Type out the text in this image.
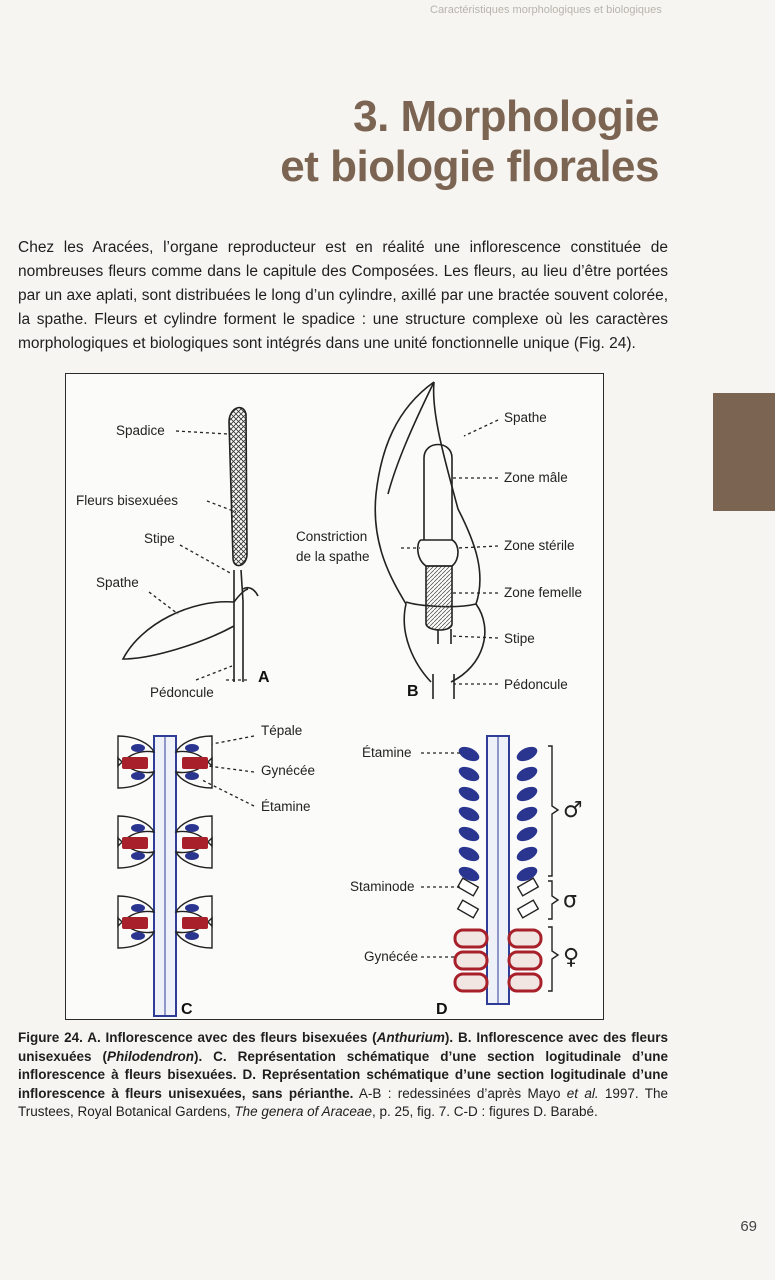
Caractéristiques morphologiques et biologiques
3. Morphologie
et biologie florales

Chez les Aracées, l’organe reproducteur est en réalité une inflorescence constituée de nombreuses fleurs comme dans le capitule des Composées. Les fleurs, au lieu d’être portées par un axe aplati, sont distribuées le long d’un cylindre, axillé par une bractée souvent colorée, la spathe. Fleurs et cylindre forment le spadice : une structure complexe où les caractères morphologiques et biologiques sont intégrés dans une unité fonctionnelle unique (Fig. 24).

Spadice
Fleurs bisexuées
Stipe
Spathe
Pédoncule
A
Spathe
Zone mâle
Constriction
de la spathe
Zone stérile
Zone femelle
Stipe
Pédoncule
B
Tépale
Gynécée
Étamine
C
Étamine
Staminode
Gynécée
♂
σ
♀
D

Figure 24. A. Inflorescence avec des fleurs bisexuées (Anthurium). B. Inflorescence avec des fleurs unisexuées (Philodendron). C. Représentation schématique d’une section logitudinale d’une inflorescence à fleurs bisexuées. D. Représentation schématique d’une section logitudinale d’une inflorescence à fleurs unisexuées, sans périanthe. A-B : redessinées d’après Mayo et al. 1997. The Trustees, Royal Botanical Gardens, The genera of Araceae, p. 25, fig. 7. C-D : figures D. Barabé.

69
